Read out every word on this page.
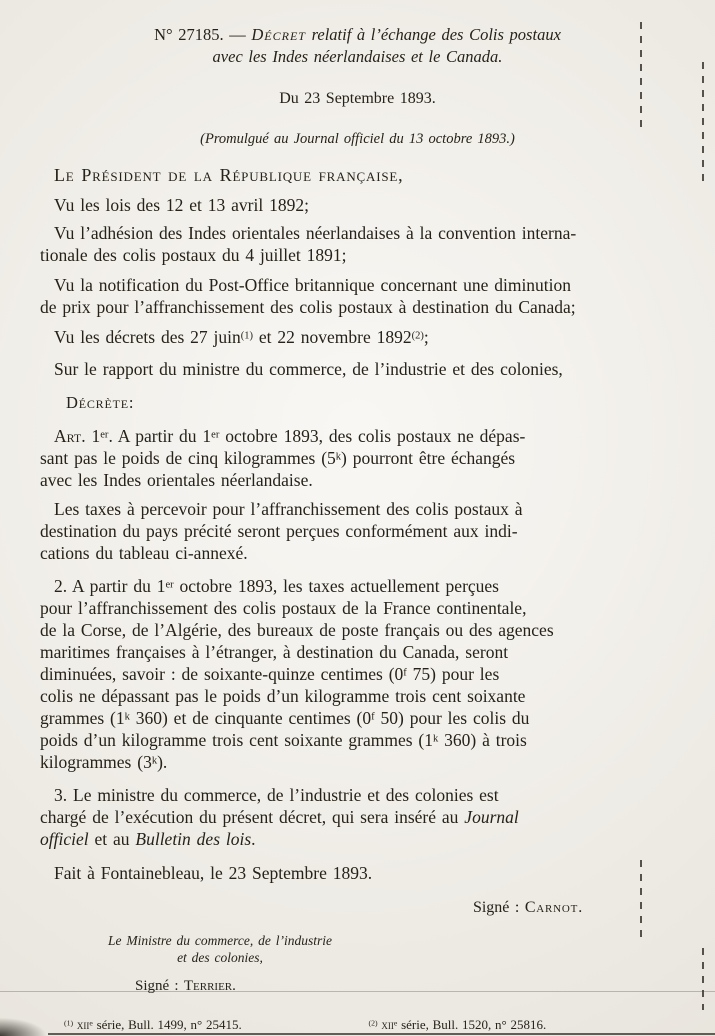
N° 27185. — Décret relatif à l’échange des Colis postaux
avec les Indes néerlandaises et le Canada.

Du 23 Septembre 1893.

(Promulgué au Journal officiel du 13 octobre 1893.)

Le Président de la République française,

Vu les lois des 12 et 13 avril 1892;

Vu l’adhésion des Indes orientales néerlandaises à la convention interna-
tionale des colis postaux du 4 juillet 1891;

Vu la notification du Post-Office britannique concernant une diminution
de prix pour l’affranchissement des colis postaux à destination du Canada;

Vu les décrets des 27 juin$^{(1)}$ et 22 novembre 1892$^{(2)}$;

Sur le rapport du ministre du commerce, de l’industrie et des colonies,

Décrète:

Art. 1er. A partir du 1er octobre 1893, des colis postaux ne dépas-
sant pas le poids de cinq kilogrammes (5$^k$) pourront être échangés
avec les Indes orientales néerlandaise.

Les taxes à percevoir pour l’affranchissement des colis postaux à
destination du pays précité seront perçues conformément aux indi-
cations du tableau ci-annexé.

2. A partir du 1er octobre 1893, les taxes actuellement perçues
pour l’affranchissement des colis postaux de la France continentale,
de la Corse, de l’Algérie, des bureaux de poste français ou des agences
maritimes françaises à l’étranger, à destination du Canada, seront
diminuées, savoir : de soixante-quinze centimes (0$^f$ 75) pour les
colis ne dépassant pas le poids d’un kilogramme trois cent soixante
grammes (1$^k$ 360) et de cinquante centimes (0$^f$ 50) pour les colis du
poids d’un kilogramme trois cent soixante grammes (1$^k$ 360) à trois
kilogrammes (3$^k$).

3. Le ministre du commerce, de l’industrie et des colonies est
chargé de l’exécution du présent décret, qui sera inséré au Journal
officiel et au Bulletin des lois.

Fait à Fontainebleau, le 23 Septembre 1893.

Signé : Carnot.

Le Ministre du commerce, de l’industrie
et des colonies,

Signé : Terrier.

$^{(1)}$ xii$^e$ série, Bull. 1499, n° 25415.	$^{(2)}$ xii$^e$ série, Bull. 1520, n° 25816.
